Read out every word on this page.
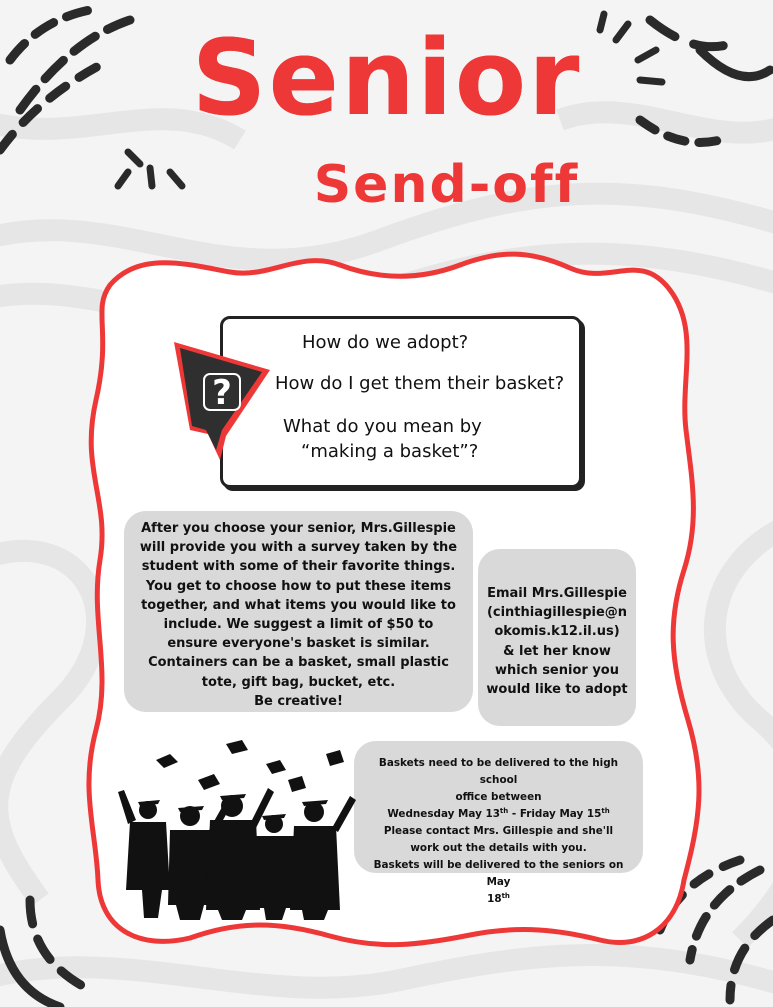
Senior
Send-off
?
How do we adopt?
How do I get them their basket?
What do you mean by
“making a basket”?
After you choose your senior, Mrs.Gillespie
will provide you with a survey taken by the
student with some of their favorite things.
You get to choose how to put these items
together, and what items you would like to
include. We suggest a limit of $50 to
ensure everyone's basket is similar.
Containers can be a basket, small plastic
tote, gift bag, bucket, etc.
Be creative!
Email Mrs.Gillespie
(cinthiagillespie@n
okomis.k12.il.us)
& let her know
which senior you
would like to adopt
Baskets need to be delivered to the high school
office between
Wednesday May 13th - Friday May 15th
Please contact Mrs. Gillespie and she'll
work out the details with you.
Baskets will be delivered to the seniors on May
18th
